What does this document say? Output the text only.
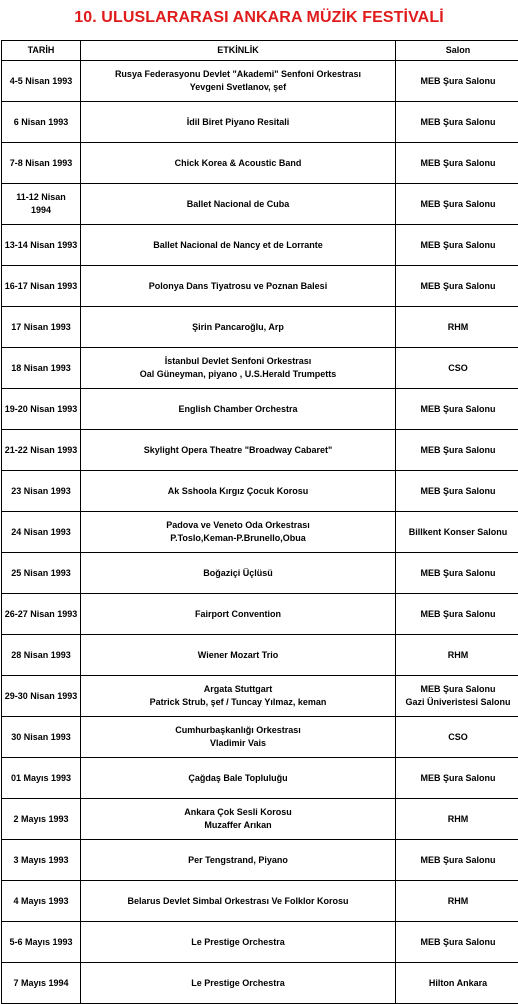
10. ULUSLARARASI ANKARA MÜZİK FESTİVALİ
TARİH	ETKİNLİK	Salon

4-5 Nisan 1993	Rusya Federasyonu Devlet "Akademi" Senfoni Orkestrası
Yevgeni Svetlanov, şef	MEB Şura Salonu

6 Nisan 1993	İdil Biret Piyano Resitali	MEB Şura Salonu

7-8 Nisan 1993	Chick Korea & Acoustic Band	MEB Şura Salonu

11-12 Nisan
1994	Ballet Nacional de Cuba	MEB Şura Salonu

13-14 Nisan 1993	Ballet Nacional de Nancy et de Lorrante	MEB Şura Salonu

16-17 Nisan 1993	Polonya Dans Tiyatrosu ve Poznan Balesi	MEB Şura Salonu

17 Nisan 1993	Şirin Pancaroğlu, Arp	RHM

18 Nisan 1993	İstanbul Devlet Senfoni Orkestrası
Oal Güneyman, piyano , U.S.Herald Trumpetts	CSO

19-20 Nisan 1993	English Chamber Orchestra	MEB Şura Salonu

21-22 Nisan 1993	Skylight Opera Theatre "Broadway Cabaret"	MEB Şura Salonu

23 Nisan 1993	Ak Sshoola Kırgız Çocuk Korosu	MEB Şura Salonu

24 Nisan 1993	Padova ve Veneto Oda Orkestrası
P.Toslo,Keman-P.Brunello,Obua	Billkent Konser Salonu

25 Nisan 1993	Boğaziçi Üçlüsü	MEB Şura Salonu

26-27 Nisan 1993	Fairport Convention	MEB Şura Salonu

28 Nisan 1993	Wiener Mozart Trio	RHM

29-30 Nisan 1993	Argata Stuttgart
Patrick Strub, şef / Tuncay Yılmaz, keman	MEB Şura Salonu
Gazi Üniveristesi Salonu

30 Nisan 1993	Cumhurbaşkanlığı Orkestrası
Vladimir Vais	CSO

01 Mayıs 1993	Çağdaş Bale Topluluğu	MEB Şura Salonu

2 Mayıs 1993	Ankara Çok Sesli Korosu
Muzaffer Arıkan	RHM

3 Mayıs 1993	Per Tengstrand, Piyano	MEB Şura Salonu

4 Mayıs 1993	Belarus Devlet Simbal Orkestrası Ve Folklor Korosu	RHM

5-6 Mayıs 1993	Le Prestige Orchestra	MEB Şura Salonu

7 Mayıs 1994	Le Prestige Orchestra	Hilton Ankara
